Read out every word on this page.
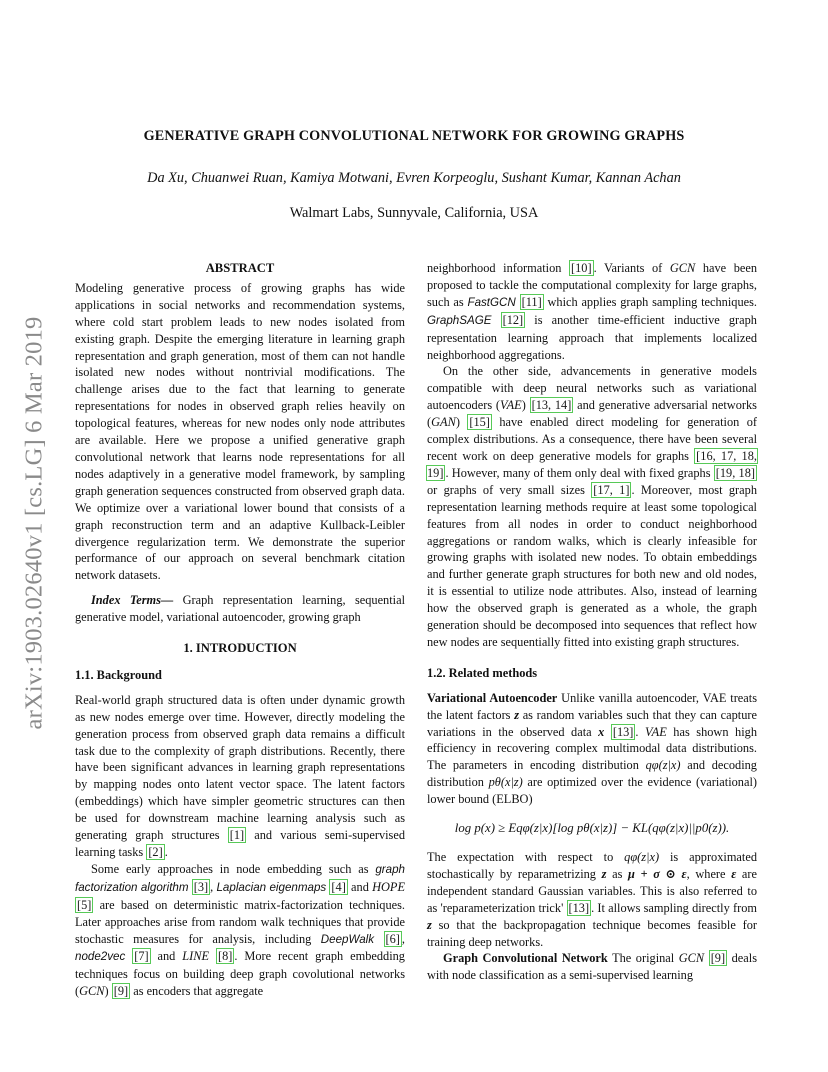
arXiv:1903.02640v1 [cs.LG] 6 Mar 2019
GENERATIVE GRAPH CONVOLUTIONAL NETWORK FOR GROWING GRAPHS
Da Xu, Chuanwei Ruan, Kamiya Motwani, Evren Korpeoglu, Sushant Kumar, Kannan Achan
Walmart Labs, Sunnyvale, California, USA
ABSTRACT

Modeling generative process of growing graphs has wide applications in social networks and recommendation systems, where cold start problem leads to new nodes isolated from existing graph. Despite the emerging literature in learning graph representation and graph generation, most of them can not handle isolated new nodes without nontrivial modifications. The challenge arises due to the fact that learning to generate representations for nodes in observed graph relies heavily on topological features, whereas for new nodes only node attributes are available. Here we propose a unified generative graph convolutional network that learns node representations for all nodes adaptively in a generative model framework, by sampling graph generation sequences constructed from observed graph data. We optimize over a variational lower bound that consists of a graph reconstruction term and an adaptive Kullback-Leibler divergence regularization term. We demonstrate the superior performance of our approach on several benchmark citation network datasets.

Index Terms— Graph representation learning, sequential generative model, variational autoencoder, growing graph

1. INTRODUCTION
1.1. Background

Real-world graph structured data is often under dynamic growth as new nodes emerge over time. However, directly modeling the generation process from observed graph data remains a difficult task due to the complexity of graph distributions. Recently, there have been significant advances in learning graph representations by mapping nodes onto latent vector space. The latent factors (embeddings) which have simpler geometric structures can then be used for downstream machine learning analysis such as generating graph structures [1] and various semi-supervised learning tasks [2] .

Some early approaches in node embedding such as graph factorization algorithm [3] , Laplacian eigenmaps [4] and HOPE [5] are based on deterministic matrix-factorization techniques. Later approaches arise from random walk techniques that provide stochastic measures for analysis, including DeepWalk [6] , node2vec [7] and LINE [8] . More recent graph embedding techniques focus on building deep graph covolutional networks (GCN) [9] as encoders that aggregate

neighborhood information [10] . Variants of GCN have been proposed to tackle the computational complexity for large graphs, such as FastGCN [11] which applies graph sampling techniques. GraphSAGE [12] is another time-efficient inductive graph representation learning approach that implements localized neighborhood aggregations.

On the other side, advancements in generative models compatible with deep neural networks such as variational autoencoders (VAE) [13, 14] and generative adversarial networks (GAN) [15] have enabled direct modeling for generation of complex distributions. As a consequence, there have been several recent work on deep generative models for graphs [16, 17, 18, 19] . However, many of them only deal with fixed graphs [19, 18] or graphs of very small sizes [17, 1] . Moreover, most graph representation learning methods require at least some topological features from all nodes in order to conduct neighborhood aggregations or random walks, which is clearly infeasible for growing graphs with isolated new nodes. To obtain embeddings and further generate graph structures for both new and old nodes, it is essential to utilize node attributes. Also, instead of learning how the observed graph is generated as a whole, the graph generation should be decomposed into sequences that reflect how new nodes are sequentially fitted into existing graph structures.

1.2. Related methods

Variational Autoencoder Unlike vanilla autoencoder, VAE treats the latent factors z as random variables such that they can capture variations in the observed data x [13] . VAE has shown high efficiency in recovering complex multimodal data distributions. The parameters in encoding distribution qφ(z|x) and decoding distribution pθ(x|z) are optimized over the evidence (variational) lower bound (ELBO)

log p(x) ≥ Eqφ(z|x)[log pθ(x|z)] − KL(qφ(z|x)||p0(z)).

The expectation with respect to qφ(z|x) is approximated stochastically by reparametrizing z as μ + σ ⊙ ε, where ε are independent standard Gaussian variables. This is also referred to as 'reparameterization trick' [13] . It allows sampling directly from z so that the backpropagation technique becomes feasible for training deep networks.

Graph Convolutional Network The original GCN [9] deals with node classification as a semi-supervised learning
